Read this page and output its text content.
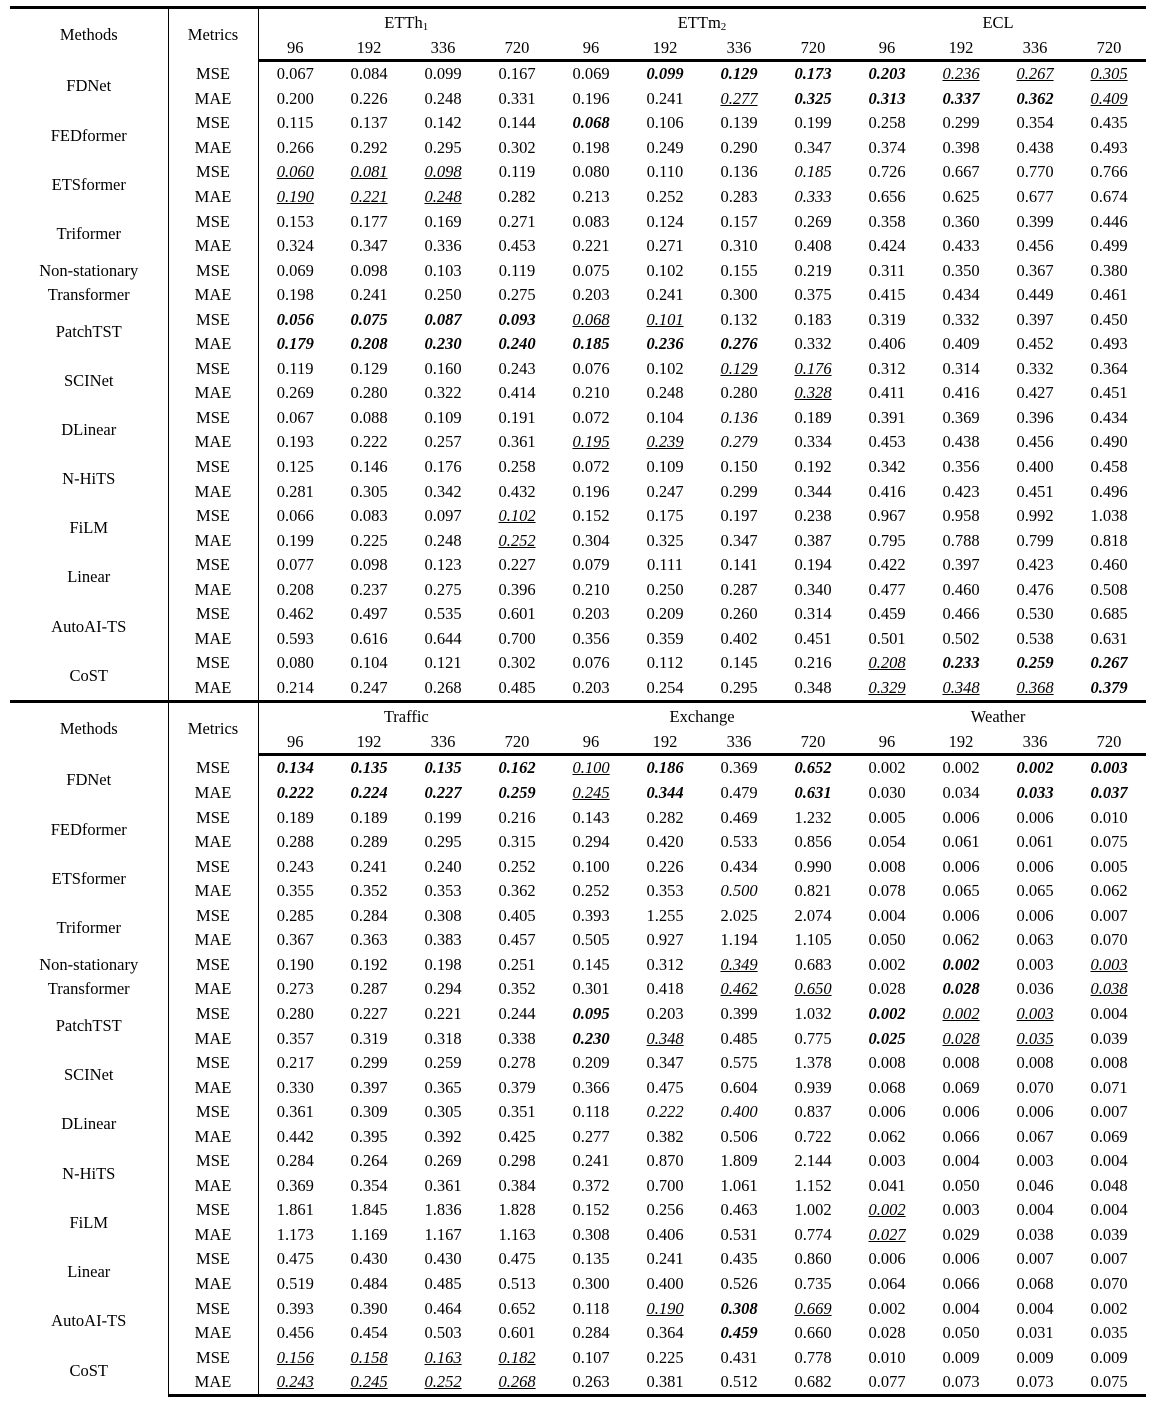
Methods	Metrics	ETTh$_1$				ETTm$_2$				ECL			
		96	192	336	720	96	192	336	720	96	192	336	720
FDNet	MSE	0.067	0.084	0.099	0.167	0.069	0.099	0.129	0.173	0.203	0.236	0.267	0.305
	MAE	0.200	0.226	0.248	0.331	0.196	0.241	0.277	0.325	0.313	0.337	0.362	0.409
FEDformer	MSE	0.115	0.137	0.142	0.144	0.068	0.106	0.139	0.199	0.258	0.299	0.354	0.435
	MAE	0.266	0.292	0.295	0.302	0.198	0.249	0.290	0.347	0.374	0.398	0.438	0.493
ETSformer	MSE	0.060	0.081	0.098	0.119	0.080	0.110	0.136	0.185	0.726	0.667	0.770	0.766
	MAE	0.190	0.221	0.248	0.282	0.213	0.252	0.283	0.333	0.656	0.625	0.677	0.674
Triformer	MSE	0.153	0.177	0.169	0.271	0.083	0.124	0.157	0.269	0.358	0.360	0.399	0.446
	MAE	0.324	0.347	0.336	0.453	0.221	0.271	0.310	0.408	0.424	0.433	0.456	0.499
Non-stationary
Transformer	MSE	0.069	0.098	0.103	0.119	0.075	0.102	0.155	0.219	0.311	0.350	0.367	0.380
	MAE	0.198	0.241	0.250	0.275	0.203	0.241	0.300	0.375	0.415	0.434	0.449	0.461
PatchTST	MSE	0.056	0.075	0.087	0.093	0.068	0.101	0.132	0.183	0.319	0.332	0.397	0.450
	MAE	0.179	0.208	0.230	0.240	0.185	0.236	0.276	0.332	0.406	0.409	0.452	0.493
SCINet	MSE	0.119	0.129	0.160	0.243	0.076	0.102	0.129	0.176	0.312	0.314	0.332	0.364
	MAE	0.269	0.280	0.322	0.414	0.210	0.248	0.280	0.328	0.411	0.416	0.427	0.451
DLinear	MSE	0.067	0.088	0.109	0.191	0.072	0.104	0.136	0.189	0.391	0.369	0.396	0.434
	MAE	0.193	0.222	0.257	0.361	0.195	0.239	0.279	0.334	0.453	0.438	0.456	0.490
N-HiTS	MSE	0.125	0.146	0.176	0.258	0.072	0.109	0.150	0.192	0.342	0.356	0.400	0.458
	MAE	0.281	0.305	0.342	0.432	0.196	0.247	0.299	0.344	0.416	0.423	0.451	0.496
FiLM	MSE	0.066	0.083	0.097	0.102	0.152	0.175	0.197	0.238	0.967	0.958	0.992	1.038
	MAE	0.199	0.225	0.248	0.252	0.304	0.325	0.347	0.387	0.795	0.788	0.799	0.818
Linear	MSE	0.077	0.098	0.123	0.227	0.079	0.111	0.141	0.194	0.422	0.397	0.423	0.460
	MAE	0.208	0.237	0.275	0.396	0.210	0.250	0.287	0.340	0.477	0.460	0.476	0.508
AutoAI-TS	MSE	0.462	0.497	0.535	0.601	0.203	0.209	0.260	0.314	0.459	0.466	0.530	0.685
	MAE	0.593	0.616	0.644	0.700	0.356	0.359	0.402	0.451	0.501	0.502	0.538	0.631
CoST	MSE	0.080	0.104	0.121	0.302	0.076	0.112	0.145	0.216	0.208	0.233	0.259	0.267
	MAE	0.214	0.247	0.268	0.485	0.203	0.254	0.295	0.348	0.329	0.348	0.368	0.379
Methods	Metrics	Traffic				Exchange				Weather			
		96	192	336	720	96	192	336	720	96	192	336	720
FDNet	MSE	0.134	0.135	0.135	0.162	0.100	0.186	0.369	0.652	0.002	0.002	0.002	0.003
	MAE	0.222	0.224	0.227	0.259	0.245	0.344	0.479	0.631	0.030	0.034	0.033	0.037
FEDformer	MSE	0.189	0.189	0.199	0.216	0.143	0.282	0.469	1.232	0.005	0.006	0.006	0.010
	MAE	0.288	0.289	0.295	0.315	0.294	0.420	0.533	0.856	0.054	0.061	0.061	0.075
ETSformer	MSE	0.243	0.241	0.240	0.252	0.100	0.226	0.434	0.990	0.008	0.006	0.006	0.005
	MAE	0.355	0.352	0.353	0.362	0.252	0.353	0.500	0.821	0.078	0.065	0.065	0.062
Triformer	MSE	0.285	0.284	0.308	0.405	0.393	1.255	2.025	2.074	0.004	0.006	0.006	0.007
	MAE	0.367	0.363	0.383	0.457	0.505	0.927	1.194	1.105	0.050	0.062	0.063	0.070
Non-stationary
Transformer	MSE	0.190	0.192	0.198	0.251	0.145	0.312	0.349	0.683	0.002	0.002	0.003	0.003
	MAE	0.273	0.287	0.294	0.352	0.301	0.418	0.462	0.650	0.028	0.028	0.036	0.038
PatchTST	MSE	0.280	0.227	0.221	0.244	0.095	0.203	0.399	1.032	0.002	0.002	0.003	0.004
	MAE	0.357	0.319	0.318	0.338	0.230	0.348	0.485	0.775	0.025	0.028	0.035	0.039
SCINet	MSE	0.217	0.299	0.259	0.278	0.209	0.347	0.575	1.378	0.008	0.008	0.008	0.008
	MAE	0.330	0.397	0.365	0.379	0.366	0.475	0.604	0.939	0.068	0.069	0.070	0.071
DLinear	MSE	0.361	0.309	0.305	0.351	0.118	0.222	0.400	0.837	0.006	0.006	0.006	0.007
	MAE	0.442	0.395	0.392	0.425	0.277	0.382	0.506	0.722	0.062	0.066	0.067	0.069
N-HiTS	MSE	0.284	0.264	0.269	0.298	0.241	0.870	1.809	2.144	0.003	0.004	0.003	0.004
	MAE	0.369	0.354	0.361	0.384	0.372	0.700	1.061	1.152	0.041	0.050	0.046	0.048
FiLM	MSE	1.861	1.845	1.836	1.828	0.152	0.256	0.463	1.002	0.002	0.003	0.004	0.004
	MAE	1.173	1.169	1.167	1.163	0.308	0.406	0.531	0.774	0.027	0.029	0.038	0.039
Linear	MSE	0.475	0.430	0.430	0.475	0.135	0.241	0.435	0.860	0.006	0.006	0.007	0.007
	MAE	0.519	0.484	0.485	0.513	0.300	0.400	0.526	0.735	0.064	0.066	0.068	0.070
AutoAI-TS	MSE	0.393	0.390	0.464	0.652	0.118	0.190	0.308	0.669	0.002	0.004	0.004	0.002
	MAE	0.456	0.454	0.503	0.601	0.284	0.364	0.459	0.660	0.028	0.050	0.031	0.035
CoST	MSE	0.156	0.158	0.163	0.182	0.107	0.225	0.431	0.778	0.010	0.009	0.009	0.009
	MAE	0.243	0.245	0.252	0.268	0.263	0.381	0.512	0.682	0.077	0.073	0.073	0.075
